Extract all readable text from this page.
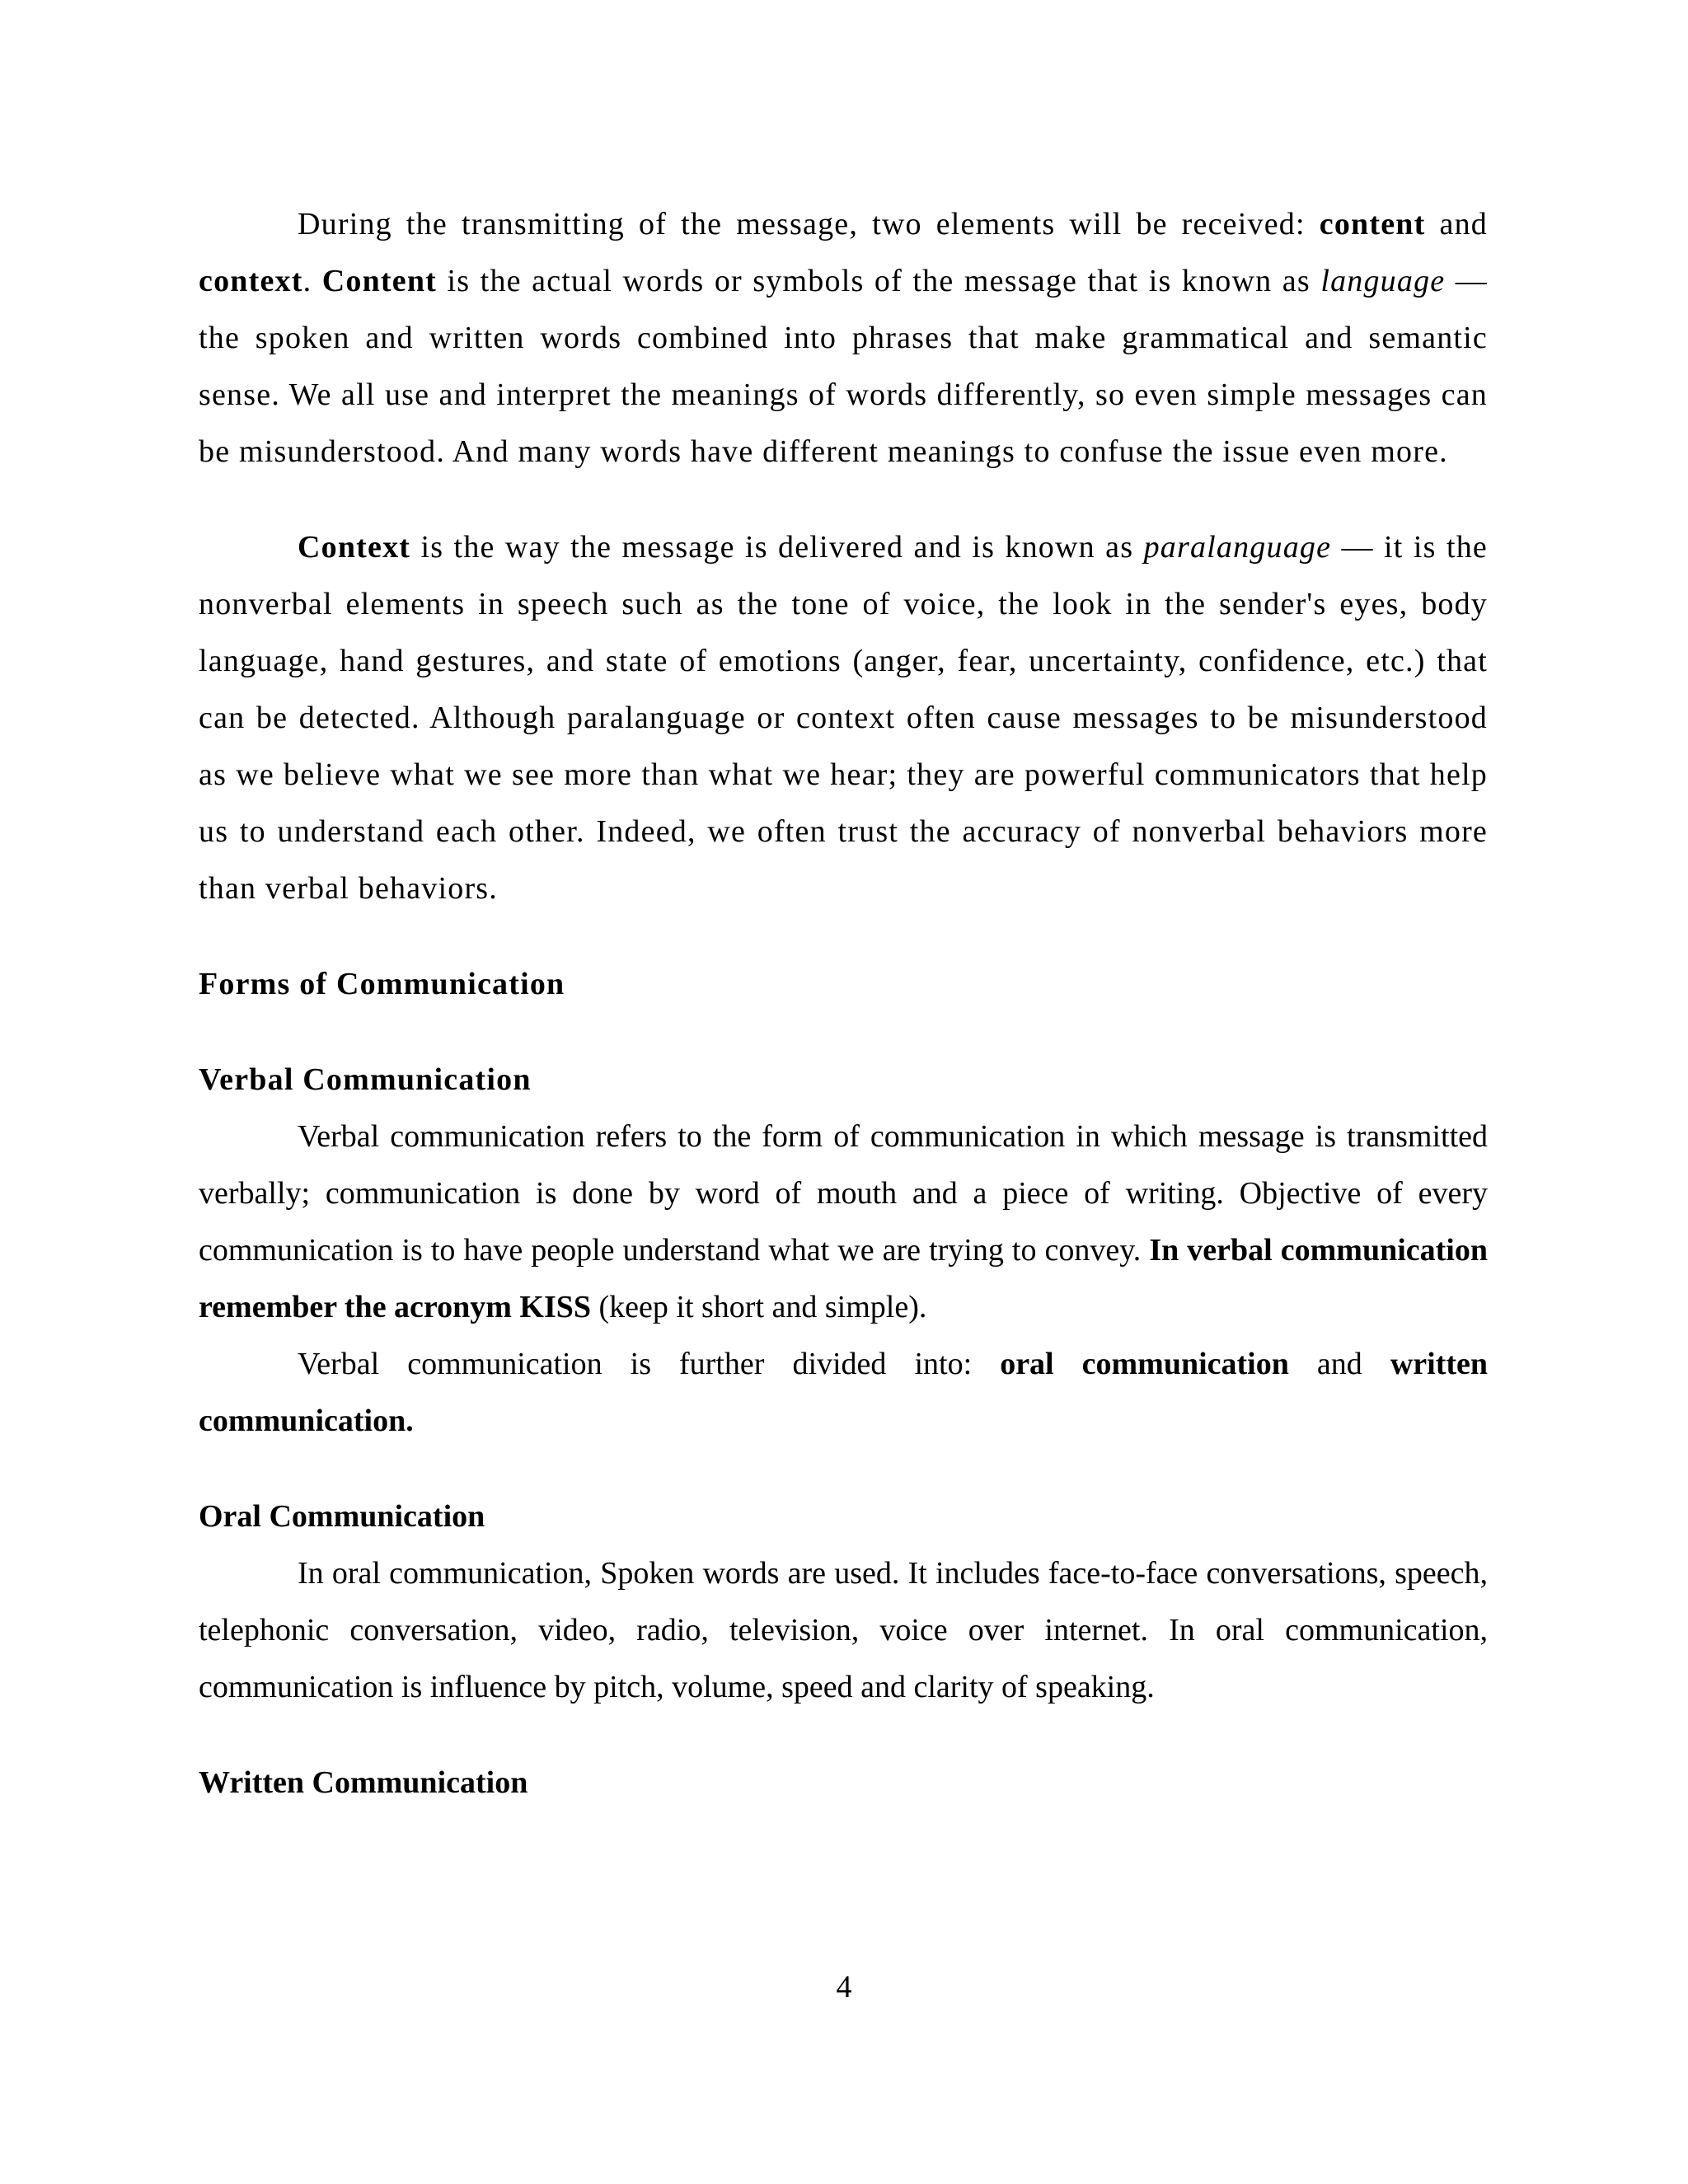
During the transmitting of the message, two elements will be received: content and context. Content is the actual words or symbols of the message that is known as language — the spoken and written words combined into phrases that make grammatical and semantic sense. We all use and interpret the meanings of words differently, so even simple messages can be misunderstood. And many words have different meanings to confuse the issue even more.

Context is the way the message is delivered and is known as paralanguage — it is the nonverbal elements in speech such as the tone of voice, the look in the sender's eyes, body language, hand gestures, and state of emotions (anger, fear, uncertainty, confidence, etc.) that can be detected. Although paralanguage or context often cause messages to be misunderstood as we believe what we see more than what we hear; they are powerful communicators that help us to understand each other. Indeed, we often trust the accuracy of nonverbal behaviors more than verbal behaviors.

Forms of Communication
Verbal Communication

Verbal communication refers to the form of communication in which message is transmitted verbally; communication is done by word of mouth and a piece of writing. Objective of every communication is to have people understand what we are trying to convey. In verbal communication remember the acronym KISS (keep it short and simple).

Verbal communication is further divided into: oral communication and written communication.

Oral Communication

In oral communication, Spoken words are used. It includes face-to-face conversations, speech, telephonic conversation, video, radio, television, voice over internet. In oral communication, communication is influence by pitch, volume, speed and clarity of speaking.

Written Communication
4
